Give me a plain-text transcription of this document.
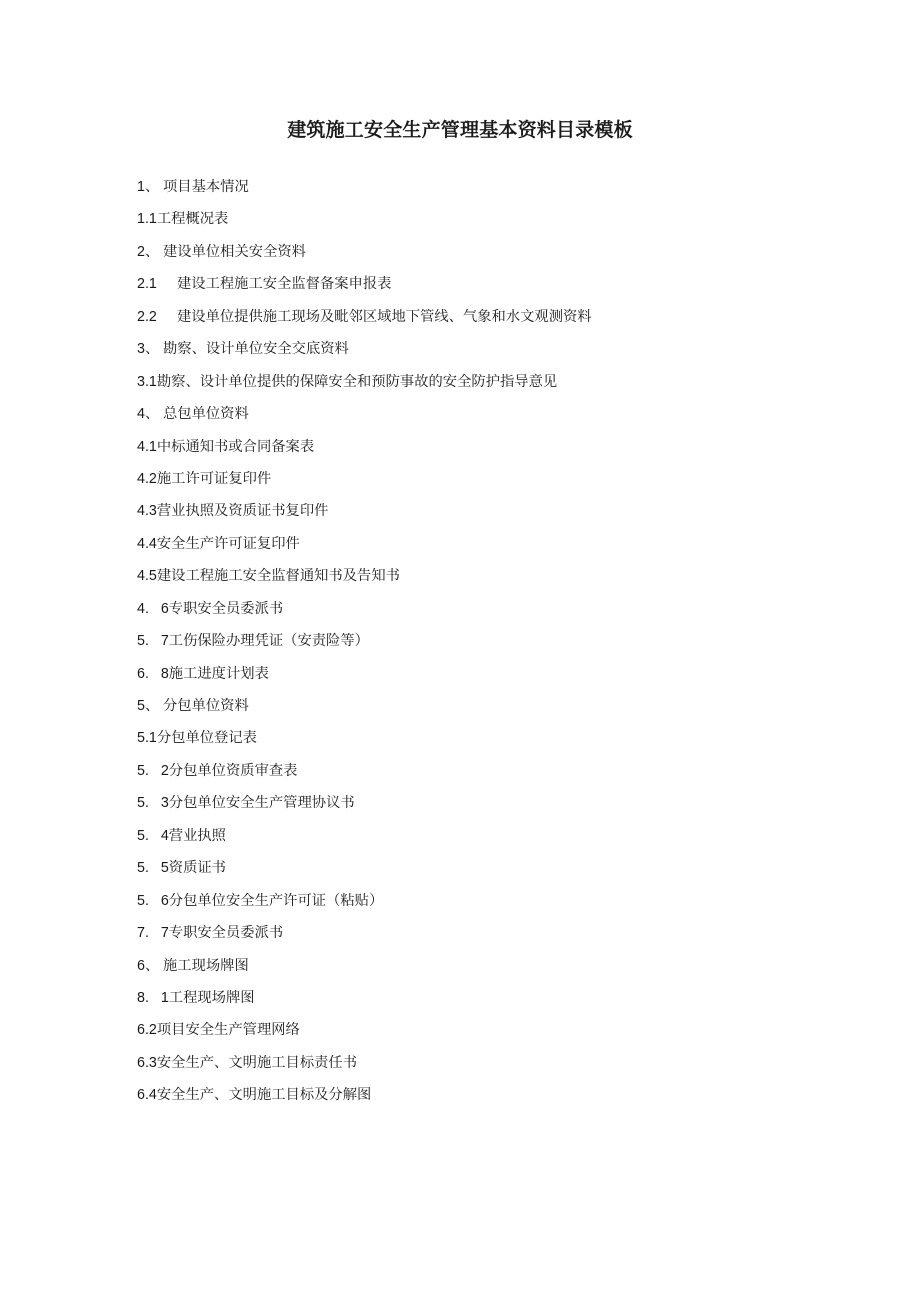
建筑施工安全生产管理基本资料目录模板
1、 项目基本情况
1.1 工程概况表
2、 建设单位相关安全资料
2.1	建设工程施工安全监督备案申报表
2.2	建设单位提供施工现场及毗邻区域地下管线、气象和水文观测资料
3、 勘察、设计单位安全交底资料
3.1 勘察、设计单位提供的保障安全和预防事故的安全防护指导意见
4、 总包单位资料
4.1 中标通知书或合同备案表
4.2 施工许可证复印件
4.3 营业执照及资质证书复印件
4.4 安全生产许可证复印件
4.5 建设工程施工安全监督通知书及告知书
4.   6 专职安全员委派书
5.   7 工伤保险办理凭证（安责险等）
6.   8 施工进度计划表
5、 分包单位资料
5.1 分包单位登记表
5.   2 分包单位资质审查表
5.   3 分包单位安全生产管理协议书
5.   4 营业执照
5.   5 资质证书
5.   6 分包单位安全生产许可证（粘贴）
7.   7 专职安全员委派书
6、 施工现场牌图
8.   1 工程现场牌图
6.2 项目安全生产管理网络
6.3 安全生产、文明施工目标责任书
6.4 安全生产、文明施工目标及分解图
